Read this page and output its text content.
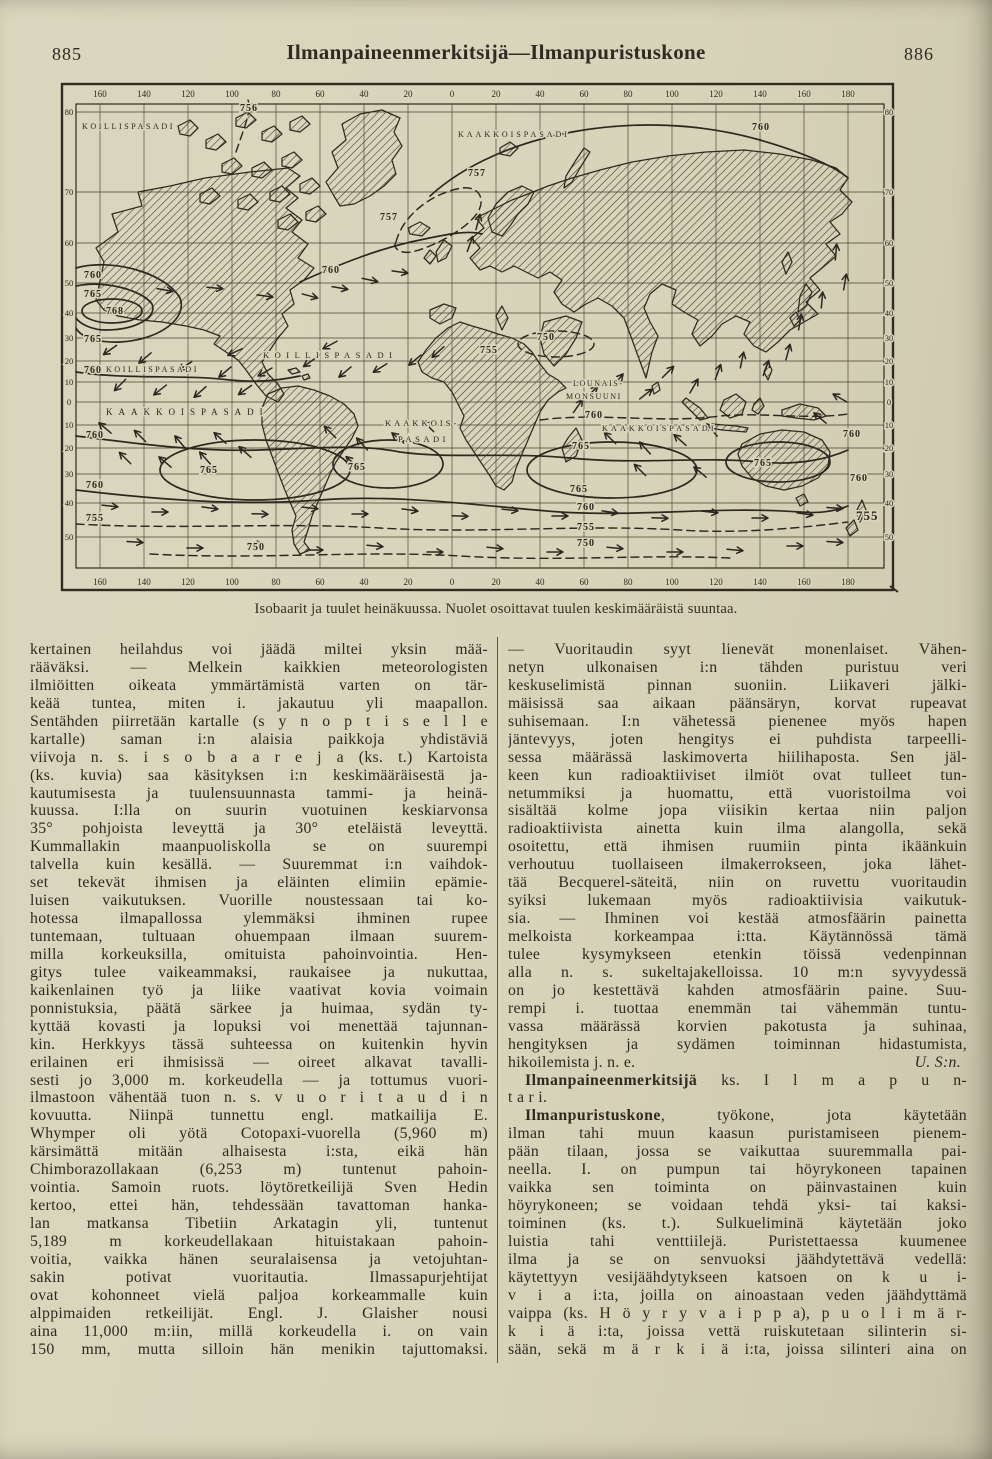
885	Ilmanpaineenmerkitsijä—Ilmanpuristuskone	886
160
160
140
140
120
120
100
100
80
80
60
60
40
40
20
20
0
0
20
20
40
40
60
60
80
80
100
100
120
120
140
140
160
160
180
180
80	80
70	70
60	60
50	50
40	40
30	30
20	20
10	10
0	0
10	10
20	20
30	30
40	40
50	50
KOILLISPASADI
KAAKKOISPASADI
KOILLISPASADI
KOILLISPASADI
KAAKKOISPASADI
KAAKKOIS-
PASADI
LOUNAIS-
MONSUUNI
KAAKKOISPASADI
756
760
757
757
760
760
765
768
765
760
750
755
760
760
760
765	765
765
765
760	765
760
760
755
755
755
750	750
Isobaarit ja tuulet heinäkuussa. Nuolet osoittavat tuulen keskimääräistä suuntaa.
kertainen heilahdus voi jäädä miltei yksin mää-
rääväksi. — Melkein kaikkien meteorologisten
ilmiöitten oikeata ymmärtämistä varten on tär-
keää tuntea, miten i. jakautuu yli maapallon.
Sentähden piirretään kartalle (s y n o p t i s e l l e
kartalle) saman i:n alaisia paikkoja yhdistäviä
viivoja n. s. i s o b a a r e j a (ks. t.) Kartoista
(ks. kuvia) saa käsityksen i:n keskimääräisestä ja-
kautumisesta ja tuulensuunnasta tammi- ja heinä-
kuussa. I:lla on suurin vuotuinen keskiarvonsa
35° pohjoista leveyttä ja 30° eteläistä leveyttä.
Kummallakin maanpuoliskolla se on suurempi
talvella kuin kesällä. — Suuremmat i:n vaihdok-
set tekevät ihmisen ja eläinten elimiin epämie-
luisen vaikutuksen. Vuorille noustessaan tai ko-
hotessa ilmapallossa ylemmäksi ihminen rupee
tuntemaan, tultuaan ohuempaan ilmaan suurem-
milla korkeuksilla, omituista pahoinvointia. Hen-
gitys tulee vaikeammaksi, raukaisee ja nukuttaa,
kaikenlainen työ ja liike vaativat kovia voimain
ponnistuksia, päätä särkee ja huimaa, sydän ty-
kyttää kovasti ja lopuksi voi menettää tajunnan-
kin. Herkkyys tässä suhteessa on kuitenkin hyvin
erilainen eri ihmisissä — oireet alkavat tavalli-
sesti jo 3,000 m. korkeudella — ja tottumus vuori-
ilmastoon vähentää tuon n. s. v u o r i t a u d i n
kovuutta. Niinpä tunnettu engl. matkailija E.
Whymper oli yötä Cotopaxi-vuorella (5,960 m)
kärsimättä mitään alhaisesta i:sta, eikä hän
Chimborazollakaan (6,253 m) tuntenut pahoin-
vointia. Samoin ruots. löytöretkeilijä Sven Hedin
kertoo, ettei hän, tehdessään tavattoman hanka-
lan matkansa Tibetiin Arkatagin yli, tuntenut
5,189 m korkeudellakaan hituistakaan pahoin-
voitia, vaikka hänen seuralaisensa ja vetojuhtan-
sakin potivat vuoritautia. Ilmassapurjehtijat
ovat kohonneet vielä paljoa korkeammalle kuin
alppimaiden retkeilijät. Engl. J. Glaisher nousi
aina 11,000 m:iin, millä korkeudella i. on vain
150 mm, mutta silloin hän menikin tajuttomaksi.
— Vuoritaudin syyt lienevät monenlaiset. Vähen-
netyn ulkonaisen i:n tähden puristuu veri
keskuselimistä pinnan suoniin. Liikaveri jälki-
mäisissä saa aikaan päänsäryn, korvat rupeavat
suhisemaan. I:n vähetessä pienenee myös hapen
jäntevyys, joten hengitys ei puhdista tarpeelli-
sessa määrässä laskimoverta hiilihaposta. Sen jäl-
keen kun radioaktiiviset ilmiöt ovat tulleet tun-
netummiksi ja huomattu, että vuoristoilma voi
sisältää kolme jopa viisikin kertaa niin paljon
radioaktiivista ainetta kuin ilma alangolla, sekä
osoitettu, että ihmisen ruumiin pinta ikäänkuin
verhoutuu tuollaiseen ilmakerrokseen, joka lähet-
tää Becquerel-säteitä, niin on ruvettu vuoritaudin
syiksi lukemaan myös radioaktiivisia vaikutuk-
sia. — Ihminen voi kestää atmosfäärin painetta
melkoista korkeampaa i:tta. Käytännössä tämä
tulee kysymykseen etenkin töissä vedenpinnan
alla n. s. sukeltajakelloissa. 10 m:n syvyydessä
on jo kestettävä kahden atmosfäärin paine. Suu-
rempi i. tuottaa enemmän tai vähemmän tuntu-
vassa määrässä korvien pakotusta ja suhinaa,
hengityksen ja sydämen toiminnan hidastumista,
hikoilemista j. n. e.	U. S:n.
Ilmanpaineenmerkitsijä ks. I l m a p u n-
t a r i.
Ilmanpuristuskone, työkone, jota käytetään
ilman tahi muun kaasun puristamiseen pienem-
pään tilaan, jossa se vaikuttaa suuremmalla pai-
neella. I. on pumpun tai höyrykoneen tapainen
vaikka sen toiminta on päinvastainen kuin
höyrykoneen; se voidaan tehdä yksi- tai kaksi-
toiminen (ks. t.). Sulkueliminä käytetään joko
luistia tahi venttiilejä. Puristettaessa kuumenee
ilma ja se on senvuoksi jäähdytettävä vedellä:
käytettyyn vesijäähdytykseen katsoen on k u i-
v i a i:ta, joilla on ainoastaan veden jäähdyttämä
vaippa (ks. H ö y r y v a i p p a), p u o l i m ä r-
k i ä i:ta, joissa vettä ruiskutetaan silinterin si-
sään, sekä m ä r k i ä i:ta, joissa silinteri aina on
